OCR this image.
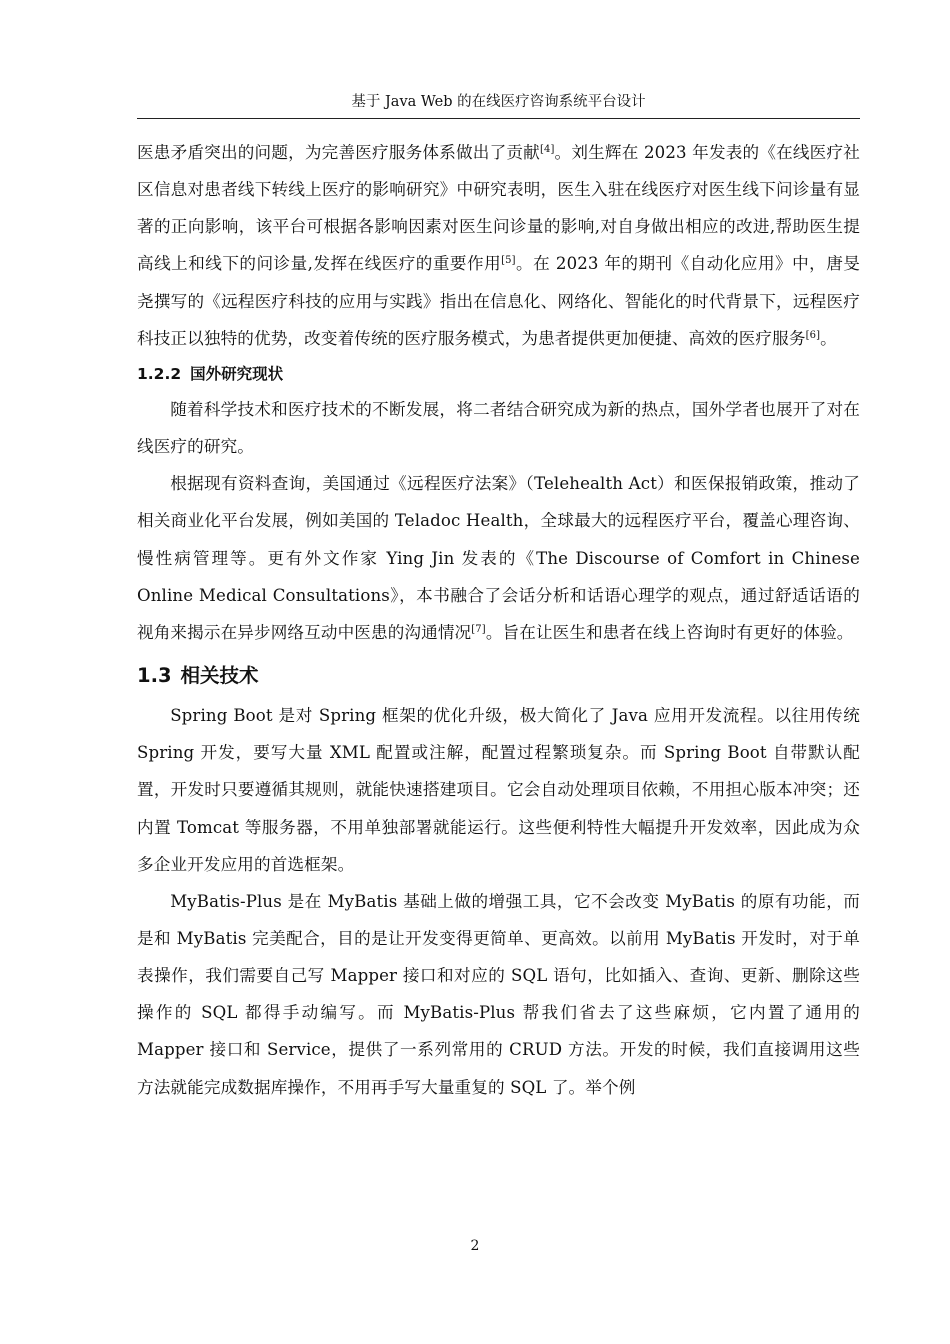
基于 Java Web 的在线医疗咨询系统平台设计

医患矛盾突出的问题，为完善医疗服务体系做出了贡献[4]。刘生辉在 2023 年发表的《在线医疗社区信息对患者线下转线上医疗的影响研究》中研究表明，医生入驻在线医疗对医生线下问诊量有显著的正向影响，该平台可根据各影响因素对医生问诊量的影响,对自身做出相应的改进,帮助医生提高线上和线下的问诊量,发挥在线医疗的重要作用[5]。在 2023 年的期刊《自动化应用》中，唐旻尧撰写的《远程医疗科技的应用与实践》指出在信息化、网络化、智能化的时代背景下，远程医疗科技正以独特的优势，改变着传统的医疗服务模式，为患者提供更加便捷、高效的医疗服务[6]。

1.2.2 国外研究现状

随着科学技术和医疗技术的不断发展，将二者结合研究成为新的热点，国外学者也展开了对在线医疗的研究。

根据现有资料查询，美国通过《远程医疗法案》（Telehealth Act）和医保报销政策，推动了相关商业化平台发展，例如美国的 Teladoc Health，全球最大的远程医疗平台，覆盖心理咨询、慢性病管理等。更有外文作家 Ying Jin 发表的《The Discourse of Comfort in Chinese Online Medical Consultations》，本书融合了会话分析和话语心理学的观点，通过舒适话语的视角来揭示在异步网络互动中医患的沟通情况[7]。旨在让医生和患者在线上咨询时有更好的体验。

1.3 相关技术

Spring Boot 是对 Spring 框架的优化升级，极大简化了 Java 应用开发流程。以往用传统 Spring 开发，要写大量 XML 配置或注解，配置过程繁琐复杂。而 Spring Boot 自带默认配置，开发时只要遵循其规则，就能快速搭建项目。它会自动处理项目依赖，不用担心版本冲突；还内置 Tomcat 等服务器，不用单独部署就能运行。这些便利特性大幅提升开发效率，因此成为众多企业开发应用的首选框架。

MyBatis-Plus 是在 MyBatis 基础上做的增强工具，它不会改变 MyBatis 的原有功能，而是和 MyBatis 完美配合，目的是让开发变得更简单、更高效。以前用 MyBatis 开发时，对于单表操作，我们需要自己写 Mapper 接口和对应的 SQL 语句，比如插入、查询、更新、删除这些操作的 SQL 都得手动编写。而 MyBatis-Plus 帮我们省去了这些麻烦，它内置了通用的 Mapper 接口和 Service，提供了一系列常用的 CRUD 方法。开发的时候，我们直接调用这些方法就能完成数据库操作，不用再手写大量重复的 SQL 了。举个例

2
